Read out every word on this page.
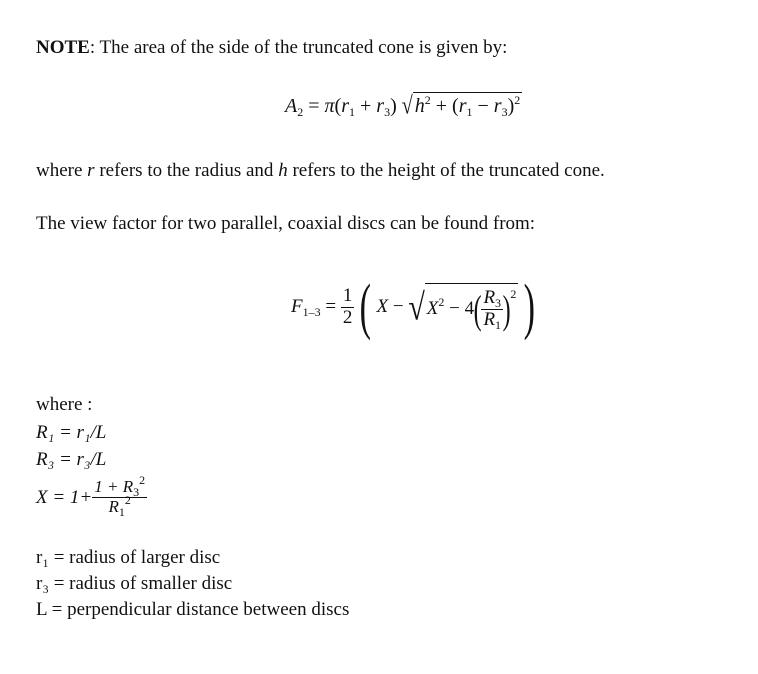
NOTE: The area of the side of the truncated cone is given by:
$A_2 = \pi(r_1 + r_3)$ √ $h^2 + (r_1 - r_3)^2$
where r refers to the radius and h refers to the height of the truncated cone.
The view factor for two parallel, coaxial discs can be found from:
$F_{1-3} = \frac{1}{2}$ ( X − √ $X^2 - 4( \frac{R_3}{R_1} )^2$ )
where :
R₁ = r₁/L
R₃ = r₃/L
$X = 1+ \frac{1 + R_3^2}{R_1^2}$
r₁ = radius of larger disc
r₃ = radius of smaller disc
L = perpendicular distance between discs
